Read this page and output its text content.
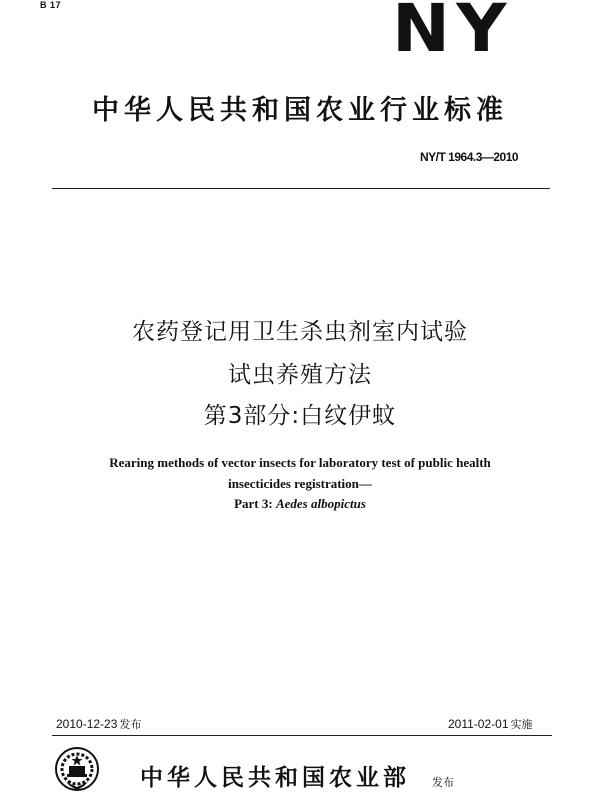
B 17	NY
中华人民共和国农业行业标准
NY/T 1964.3—2010
农药登记用卫生杀虫剂室内试验
试虫养殖方法
第3部分:白纹伊蚊
Rearing methods of vector insects for laboratory test of public health
insecticides registration—
Part 3: Aedes albopictus
2010-12-23 发布	2011-02-01 实施
中华人民共和国农业部 发布
